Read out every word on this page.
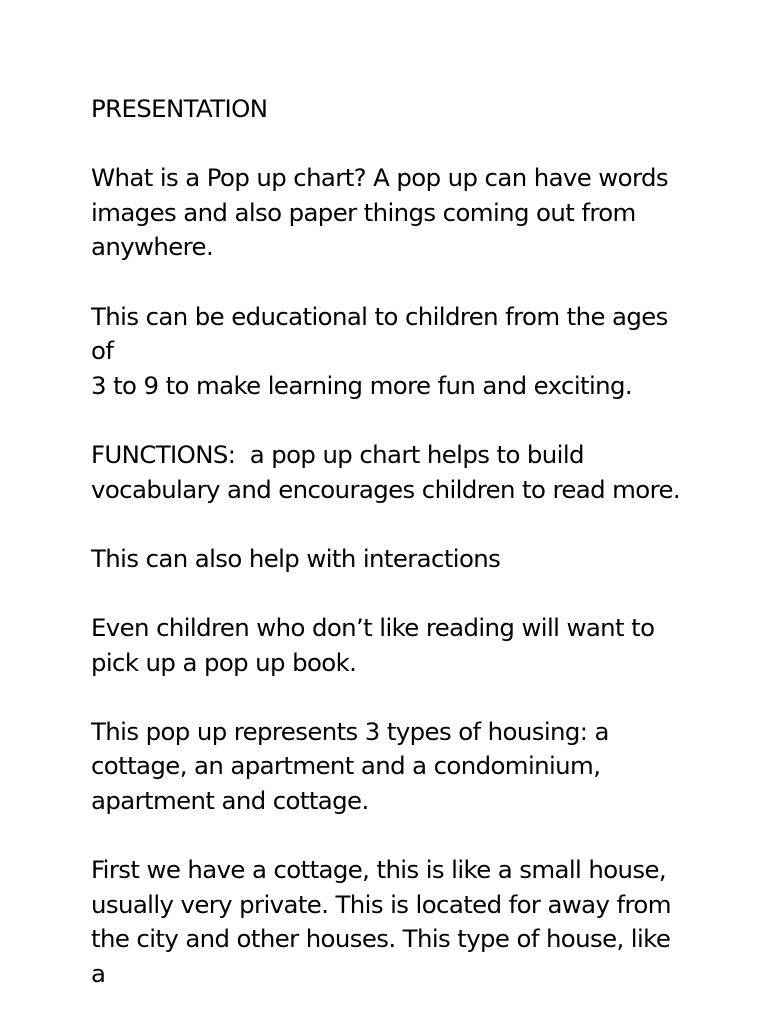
PRESENTATION
What is a Pop up chart? A pop up can have words
images and also paper things coming out from
anywhere.
This can be educational to children from the ages of
3 to 9 to make learning more fun and exciting.
FUNCTIONS:  a pop up chart helps to build
vocabulary and encourages children to read more.
This can also help with interactions
Even children who don’t like reading will want to
pick up a pop up book.
This pop up represents 3 types of housing: a
cottage, an apartment and a condominium,
apartment and cottage.
First we have a cottage, this is like a small house,
usually very private. This is located for away from
the city and other houses. This type of house, like a
